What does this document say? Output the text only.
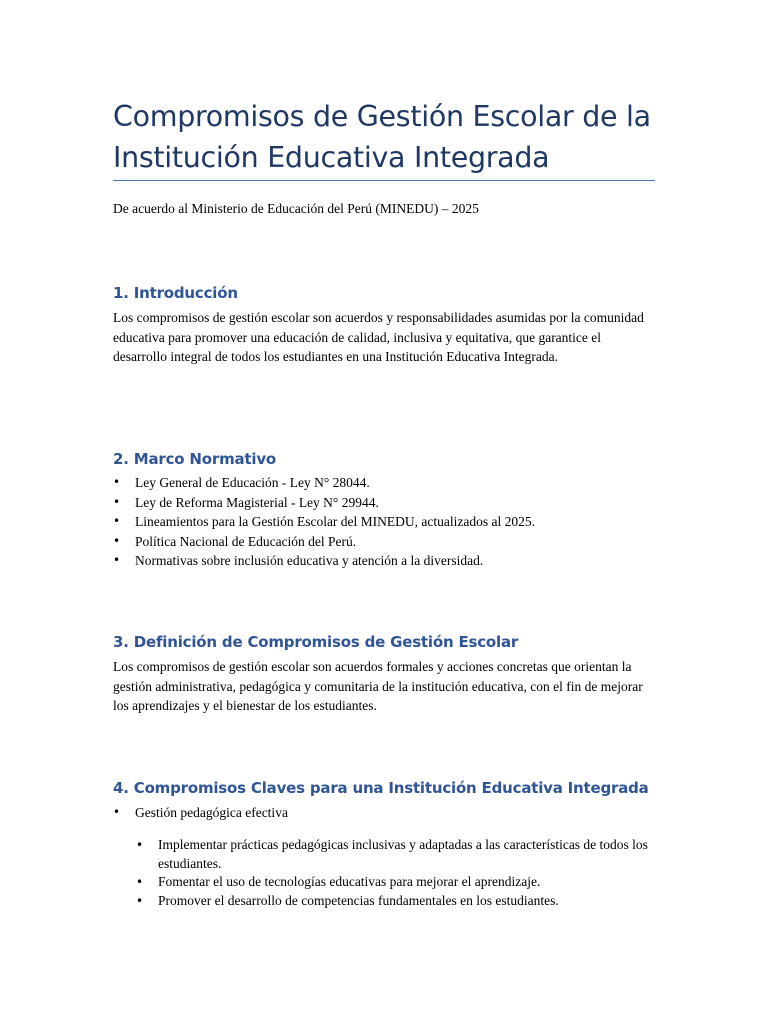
Compromisos de Gestión Escolar de la Institución Educativa Integrada
De acuerdo al Ministerio de Educación del Perú (MINEDU) – 2025
1. Introducción

Los compromisos de gestión escolar son acuerdos y responsabilidades asumidas por la comunidad educativa para promover una educación de calidad, inclusiva y equitativa, que garantice el desarrollo integral de todos los estudiantes en una Institución Educativa Integrada.

2. Marco Normativo
• Ley General de Educación - Ley N° 28044.
• Ley de Reforma Magisterial - Ley N° 29944.
• Lineamientos para la Gestión Escolar del MINEDU, actualizados al 2025.
• Política Nacional de Educación del Perú.
• Normativas sobre inclusión educativa y atención a la diversidad.
3. Definición de Compromisos de Gestión Escolar

Los compromisos de gestión escolar son acuerdos formales y acciones concretas que orientan la gestión administrativa, pedagógica y comunitaria de la institución educativa, con el fin de mejorar los aprendizajes y el bienestar de los estudiantes.

4. Compromisos Claves para una Institución Educativa Integrada
• Gestión pedagógica efectiva
• Implementar prácticas pedagógicas inclusivas y adaptadas a las características de todos los estudiantes.
• Fomentar el uso de tecnologías educativas para mejorar el aprendizaje.
• Promover el desarrollo de competencias fundamentales en los estudiantes.
